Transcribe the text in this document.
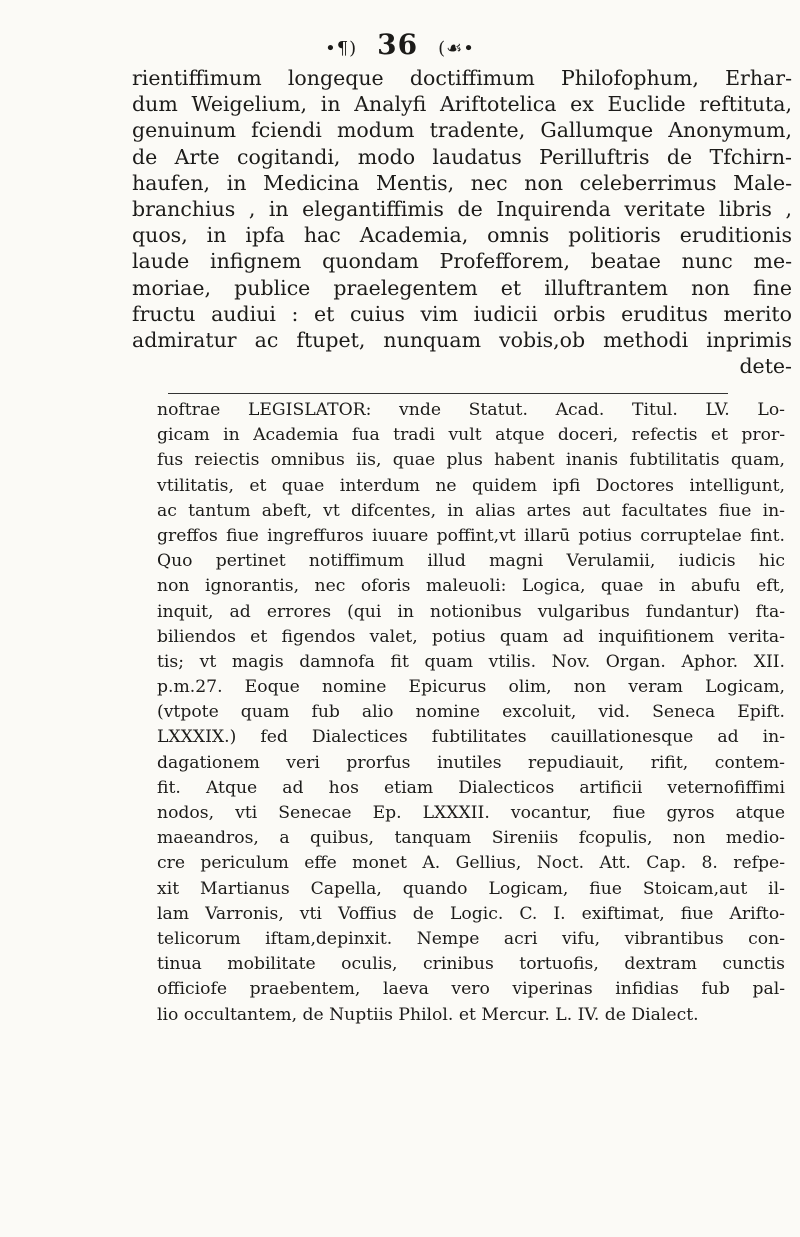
•¶) 36 (☙•
rientiffimum longeque doctiffimum Philofophum, Erhar-
dum Weigelium, in Analyfi Ariftotelica ex Euclide reftituta,
genuinum fciendi modum tradente, Gallumque Anonymum,
de Arte cogitandi, modo laudatus Perilluftris de Tfchirn-
haufen, in Medicina Mentis, nec non celeberrimus Male-
branchius , in elegantiffimis de Inquirenda veritate libris ,
quos, in ipfa hac Academia, omnis politioris eruditionis
laude infignem quondam Profefforem, beatae nunc me-
moriae, publice praelegentem et illuftrantem non fine
fructu audiui : et cuius vim iudicii orbis eruditus merito
admiratur ac ftupet, nunquam vobis,ob methodi inprimis
dete-
noftrae LEGISLATOR: vnde Statut. Acad. Titul. LV. Lo-
gicam in Academia fua tradi vult atque doceri, refectis et pror-
fus reiectis omnibus iis, quae plus habent inanis fubtilitatis quam,
vtilitatis, et quae interdum ne quidem ipfi Doctores intelligunt,
ac tantum abeft, vt difcentes, in alias artes aut facultates fiue in-
greffos fiue ingreffuros iuuare poffint,vt illarū potius corruptelae fint.
Quo pertinet notiffimum illud magni Verulamii, iudicis hic
non ignorantis, nec oforis maleuoli: Logica, quae in abufu eft,
inquit, ad errores (qui in notionibus vulgaribus fundantur) fta-
biliendos et figendos valet, potius quam ad inquifitionem verita-
tis; vt magis damnofa fit quam vtilis. Nov. Organ. Aphor. XII.
p.m.27. Eoque nomine Epicurus olim, non veram Logicam,
(vtpote quam fub alio nomine excoluit, vid. Seneca Epift.
LXXXIX.) fed Dialectices fubtilitates cauillationesque ad in-
dagationem veri prorfus inutiles repudiauit, rifit, contem-
fit. Atque ad hos etiam Dialecticos artificii veternofiffimi
nodos, vti Senecae Ep. LXXXII. vocantur, fiue gyros atque
maeandros, a quibus, tanquam Sireniis fcopulis, non medio-
cre periculum effe monet A. Gellius, Noct. Att. Cap. 8. refpe-
xit Martianus Capella, quando Logicam, fiue Stoicam,aut il-
lam Varronis, vti Voffius de Logic. C. I. exiftimat, fiue Arifto-
telicorum iftam,depinxit. Nempe acri vifu, vibrantibus con-
tinua mobilitate oculis, crinibus tortuofis, dextram cunctis
officiofe praebentem, laeva vero viperinas infidias fub pal-
lio occultantem, de Nuptiis Philol. et Mercur. L. IV. de Dialect.
